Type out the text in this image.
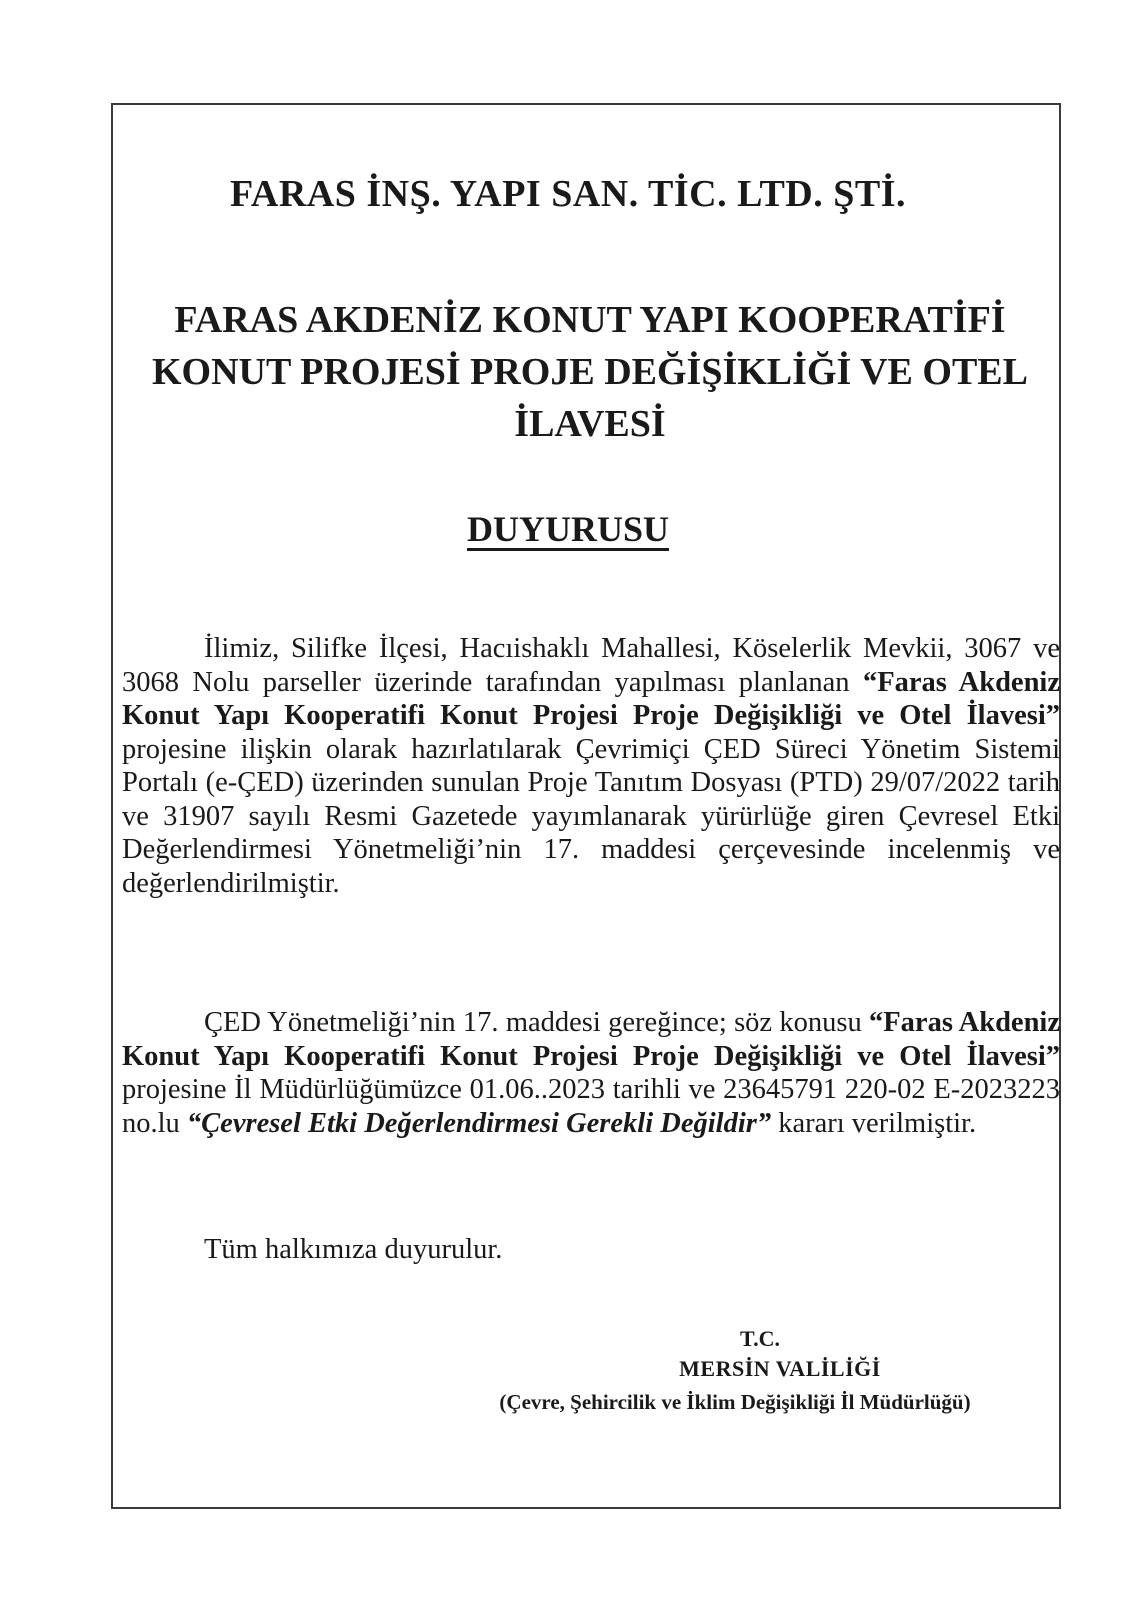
FARAS İNŞ. YAPI SAN. TİC. LTD. ŞTİ.
FARAS AKDENİZ KONUT YAPI KOOPERATİFİ KONUT PROJESİ PROJE DEĞİŞİKLİĞİ VE OTEL İLAVESİ
DUYURUSU

İlimiz, Silifke İlçesi, Hacıishaklı Mahallesi, Köselerlik Mevkii, 3067 ve 3068 Nolu parseller üzerinde tarafından yapılması planlanan “Faras Akdeniz Konut Yapı Kooperatifi Konut Projesi Proje Değişikliği ve Otel İlavesi” projesine ilişkin olarak hazırlatılarak Çevrimiçi ÇED Süreci Yönetim Sistemi Portalı (e-ÇED) üzerinden sunulan Proje Tanıtım Dosyası (PTD) 29/07/2022 tarih ve 31907 sayılı Resmi Gazetede yayımlanarak yürürlüğe giren Çevresel Etki Değerlendirmesi Yönetmeliği’nin 17. maddesi çerçevesinde incelenmiş ve değerlendirilmiştir.

ÇED Yönetmeliği’nin 17. maddesi gereğince; söz konusu “Faras Akdeniz Konut Yapı Kooperatifi Konut Projesi Proje Değişikliği ve Otel İlavesi” projesine İl Müdürlüğümüzce 01.06..2023 tarihli ve 23645791 220-02 E-2023223 no.lu “Çevresel Etki Değerlendirmesi Gerekli Değildir” kararı verilmiştir.

Tüm halkımıza duyurulur.

T.C.
MERSİN VALİLİĞİ
(Çevre, Şehircilik ve İklim Değişikliği İl Müdürlüğü)
